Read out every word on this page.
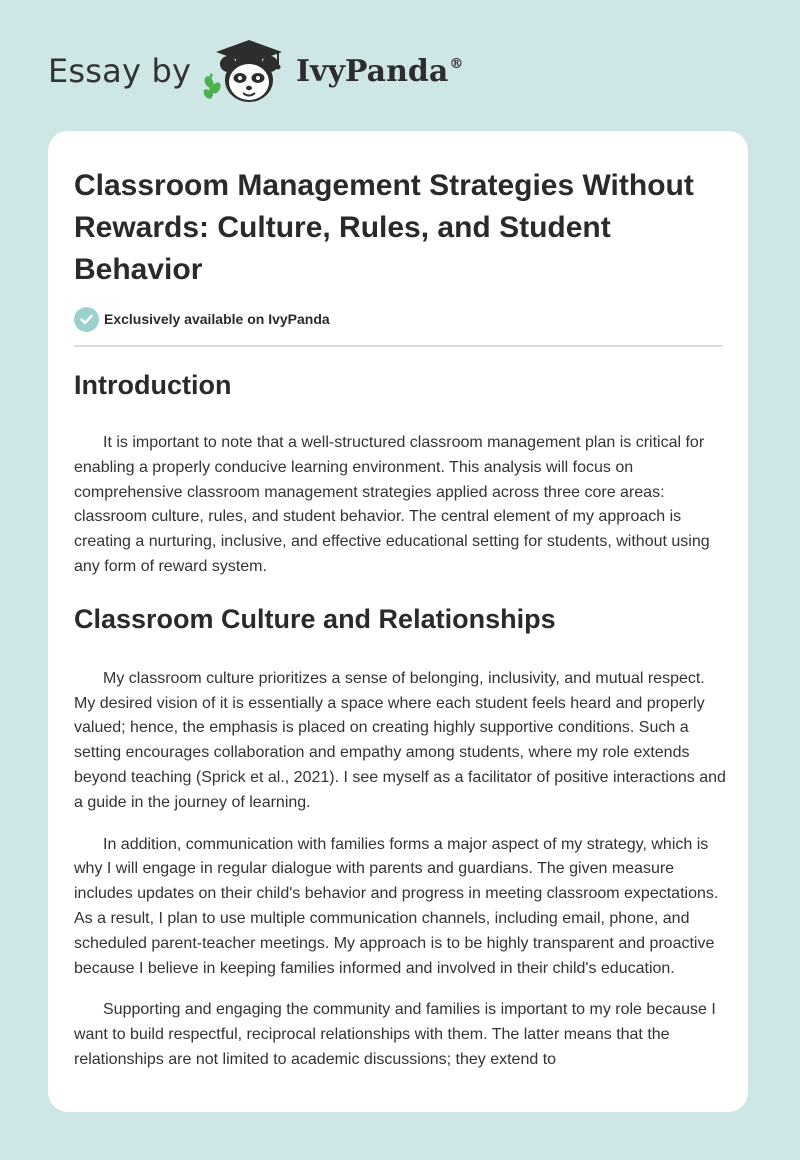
Essay by	IvyPanda®
Classroom Management Strategies Without Rewards: Culture, Rules, and Student Behavior
Exclusively available on IvyPanda
Introduction

It is important to note that a well-structured classroom management plan is critical for enabling a properly conducive learning environment. This analysis will focus on comprehensive classroom management strategies applied across three core areas: classroom culture, rules, and student behavior. The central element of my approach is creating a nurturing, inclusive, and effective educational setting for students, without using any form of reward system.

Classroom Culture and Relationships

My classroom culture prioritizes a sense of belonging, inclusivity, and mutual respect. My desired vision of it is essentially a space where each student feels heard and properly valued; hence, the emphasis is placed on creating highly supportive conditions. Such a setting encourages collaboration and empathy among students, where my role extends beyond teaching (Sprick et al., 2021). I see myself as a facilitator of positive interactions and a guide in the journey of learning.

In addition, communication with families forms a major aspect of my strategy, which is why I will engage in regular dialogue with parents and guardians. The given measure includes updates on their child's behavior and progress in meeting classroom expectations. As a result, I plan to use multiple communication channels, including email, phone, and scheduled parent-teacher meetings. My approach is to be highly transparent and proactive because I believe in keeping families informed and involved in their child's education.

Supporting and engaging the community and families is important to my role because I want to build respectful, reciprocal relationships with them. The latter means that the relationships are not limited to academic discussions; they extend to
